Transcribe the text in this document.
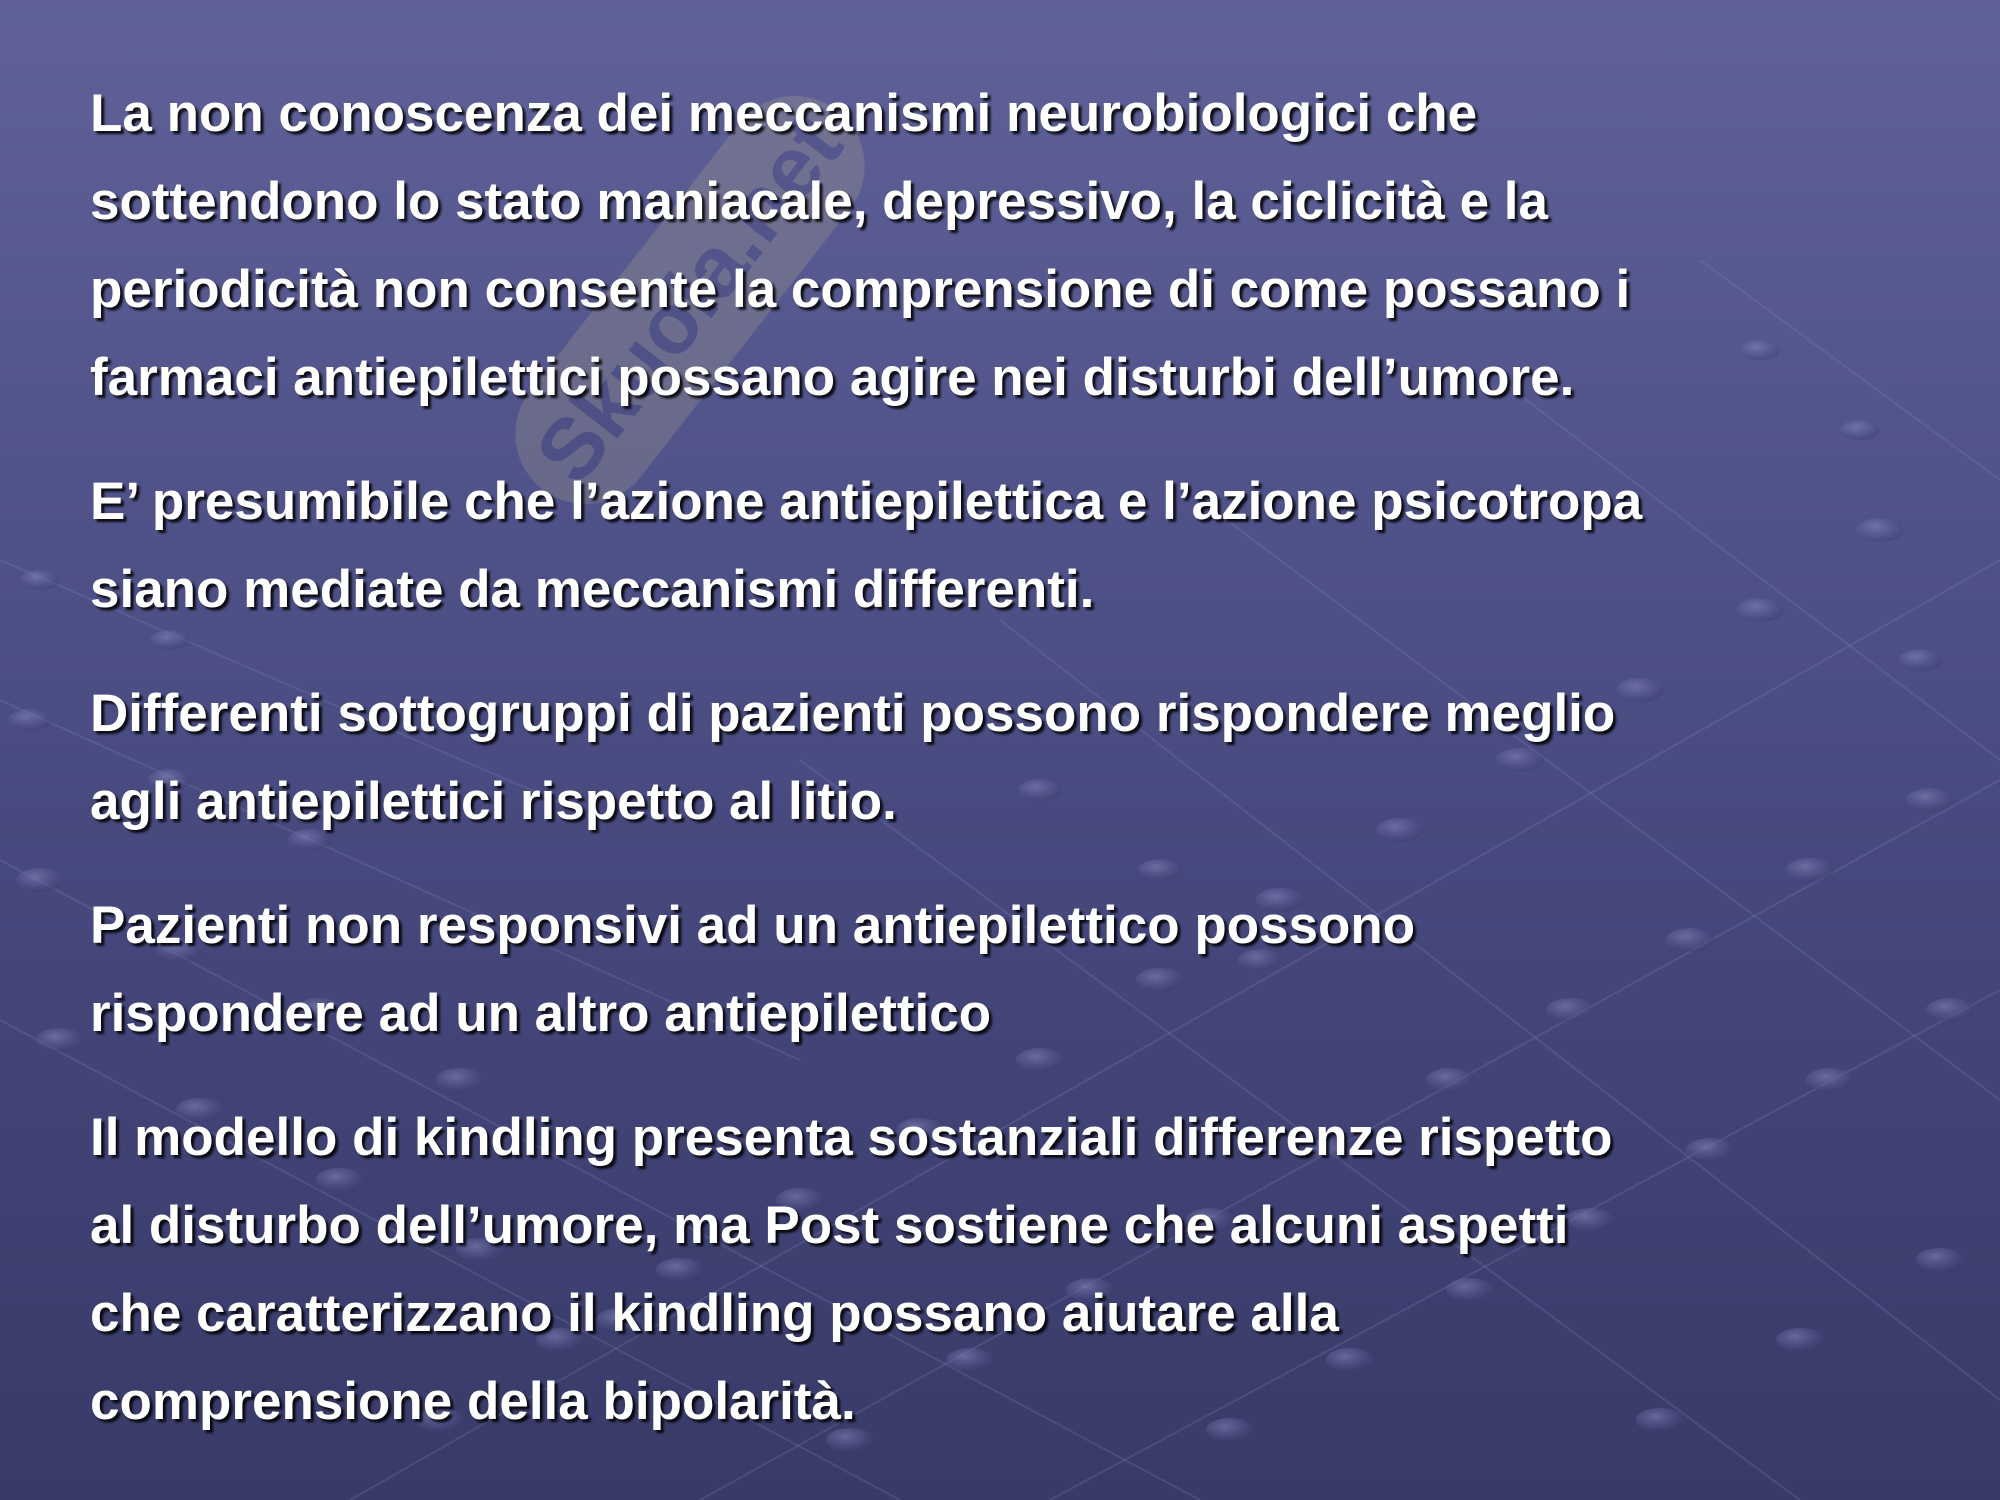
Skuola.net

La non conoscenza dei meccanismi neurobiologici che
sottendono lo stato maniacale, depressivo, la ciclicità e la
periodicità non consente la comprensione di come possano i
farmaci antiepilettici possano agire nei disturbi dell’umore.

E’ presumibile che l’azione antiepilettica e l’azione psicotropa
siano mediate da meccanismi differenti.

Differenti sottogruppi di pazienti possono rispondere meglio
agli antiepilettici rispetto al litio.

Pazienti non responsivi ad un antiepilettico possono
rispondere ad un altro antiepilettico

Il modello di kindling presenta sostanziali differenze rispetto
al disturbo dell’umore, ma Post sostiene che alcuni aspetti
che caratterizzano il kindling possano aiutare alla
comprensione della bipolarità.
